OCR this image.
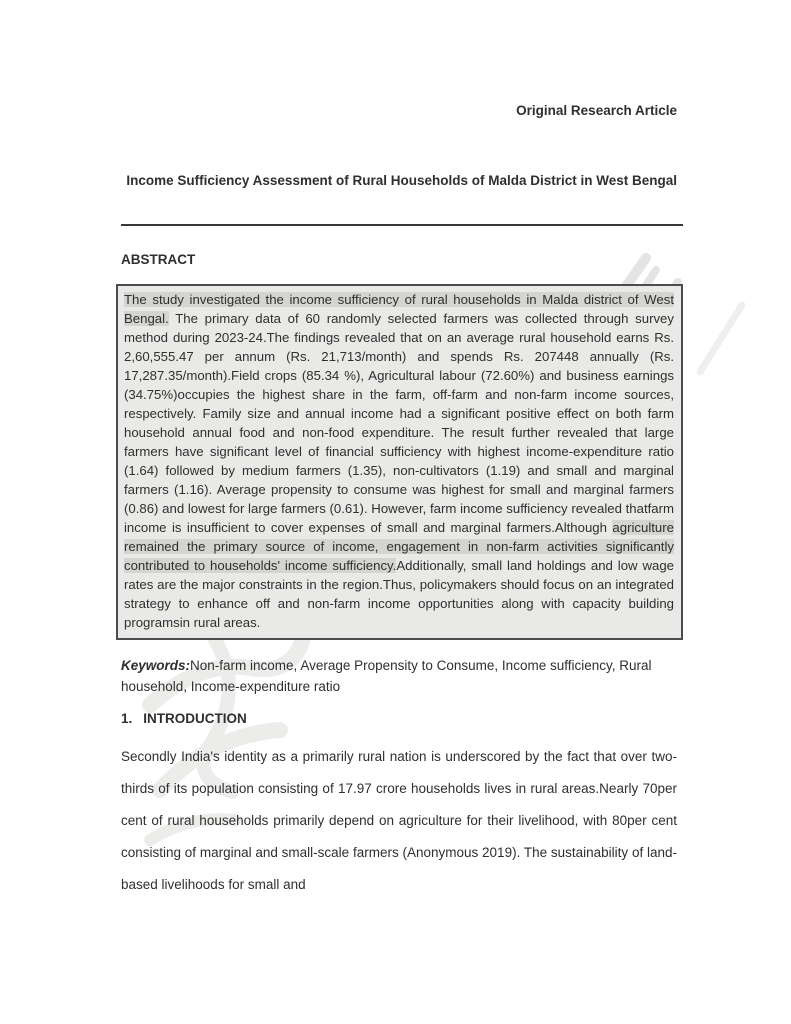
Original Research Article
Income Sufficiency Assessment of Rural Households of Malda District in West Bengal
ABSTRACT

The study investigated the income sufficiency of rural households in Malda district of West Bengal. The primary data of 60 randomly selected farmers was collected through survey method during 2023-24.The findings revealed that on an average rural household earns Rs. 2,60,555.47 per annum (Rs. 21,713/month) and spends Rs. 207448 annually (Rs. 17,287.35/month).Field crops (85.34 %), Agricultural labour (72.60%) and business earnings (34.75%)occupies the highest share in the farm, off-farm and non-farm income sources, respectively. Family size and annual income had a significant positive effect on both farm household annual food and non-food expenditure. The result further revealed that large farmers have significant level of financial sufficiency with highest income-expenditure ratio (1.64) followed by medium farmers (1.35), non-cultivators (1.19) and small and marginal farmers (1.16). Average propensity to consume was highest for small and marginal farmers (0.86) and lowest for large farmers (0.61). However, farm income sufficiency revealed thatfarm income is insufficient to cover expenses of small and marginal farmers.Although agriculture remained the primary source of income, engagement in non-farm activities significantly contributed to households' income sufficiency.Additionally, small land holdings and low wage rates are the major constraints in the region.Thus, policymakers should focus on an integrated strategy to enhance off and non-farm income opportunities along with capacity building programsin rural areas.

Keywords:Non-farm income, Average Propensity to Consume, Income sufficiency, Rural household, Income-expenditure ratio
1. INTRODUCTION
Secondly India's identity as a primarily rural nation is underscored by the fact that over two-thirds of its population consisting of 17.97 crore households lives in rural areas.Nearly 70per cent of rural households primarily depend on agriculture for their livelihood, with 80per cent consisting of marginal and small-scale farmers (Anonymous 2019). The sustainability of land-based livelihoods for small and
